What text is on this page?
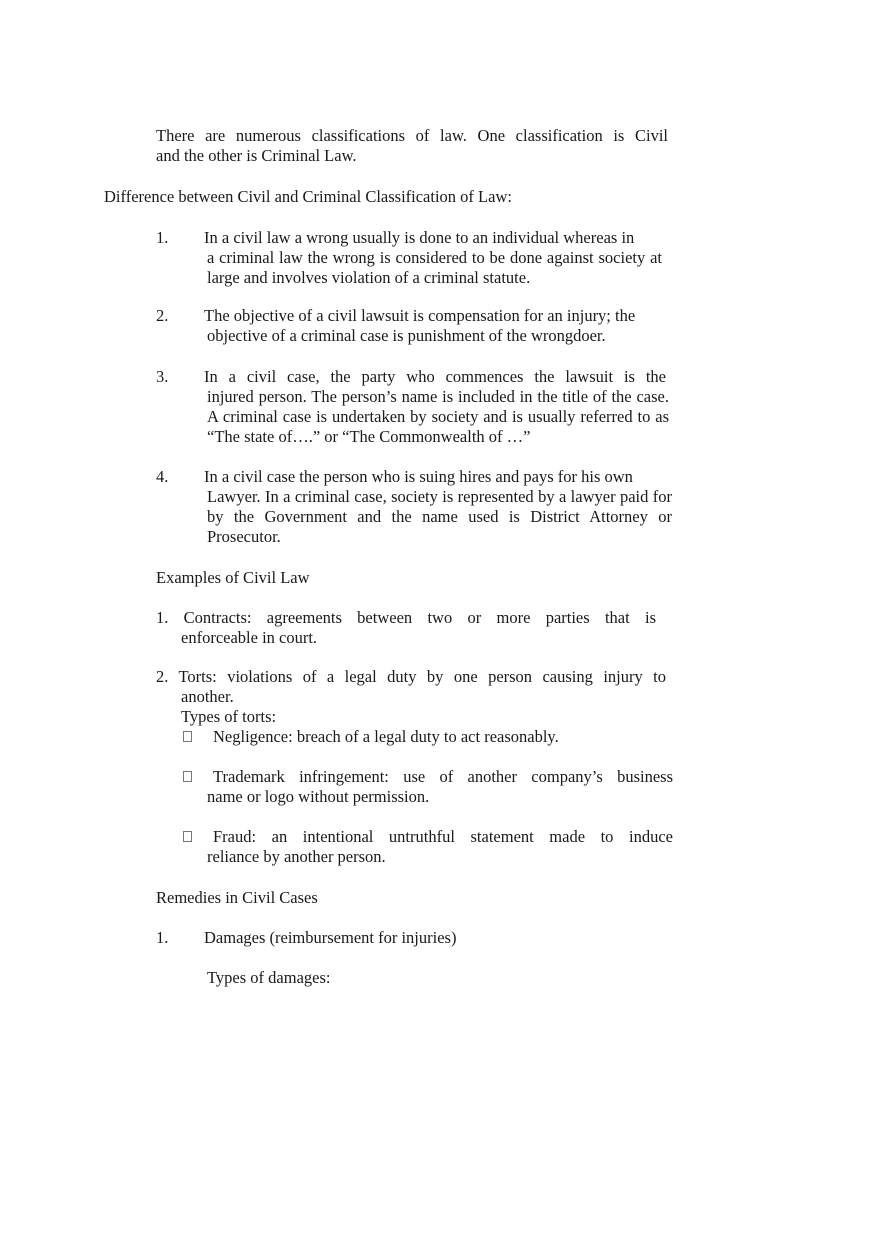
There are numerous classifications of law. One classification is Civil
and the other is Criminal Law.
Difference between Civil and Criminal Classification of Law:
1. In a civil law a wrong usually is done to an individual whereas in
a criminal law the wrong is considered to be done against society at large and involves violation of a criminal statute.
2. The objective of a civil lawsuit is compensation for an injury; the
objective of a criminal case is punishment of the wrongdoer.
3. In a civil case, the party who commences the lawsuit is the
injured person. The person’s name is included in the title of the case. A criminal case is undertaken by society and is usually referred to as “The state of….” or “The Commonwealth of …”
4. In a civil case the person who is suing hires and pays for his own
Lawyer. In a criminal case, society is represented by a lawyer paid for by the Government and the name used is District Attorney or Prosecutor.
Examples of Civil Law
1. Contracts: agreements between two or more parties that is
enforceable in court.
2. Torts: violations of a legal duty by one person causing injury to
another.
Types of torts:
Negligence: breach of a legal duty to act reasonably.
Trademark infringement: use of another company’s business
name or logo without permission.
Fraud: an intentional untruthful statement made to induce
reliance by another person.
Remedies in Civil Cases
1.	Damages (reimbursement for injuries)
Types of damages:
